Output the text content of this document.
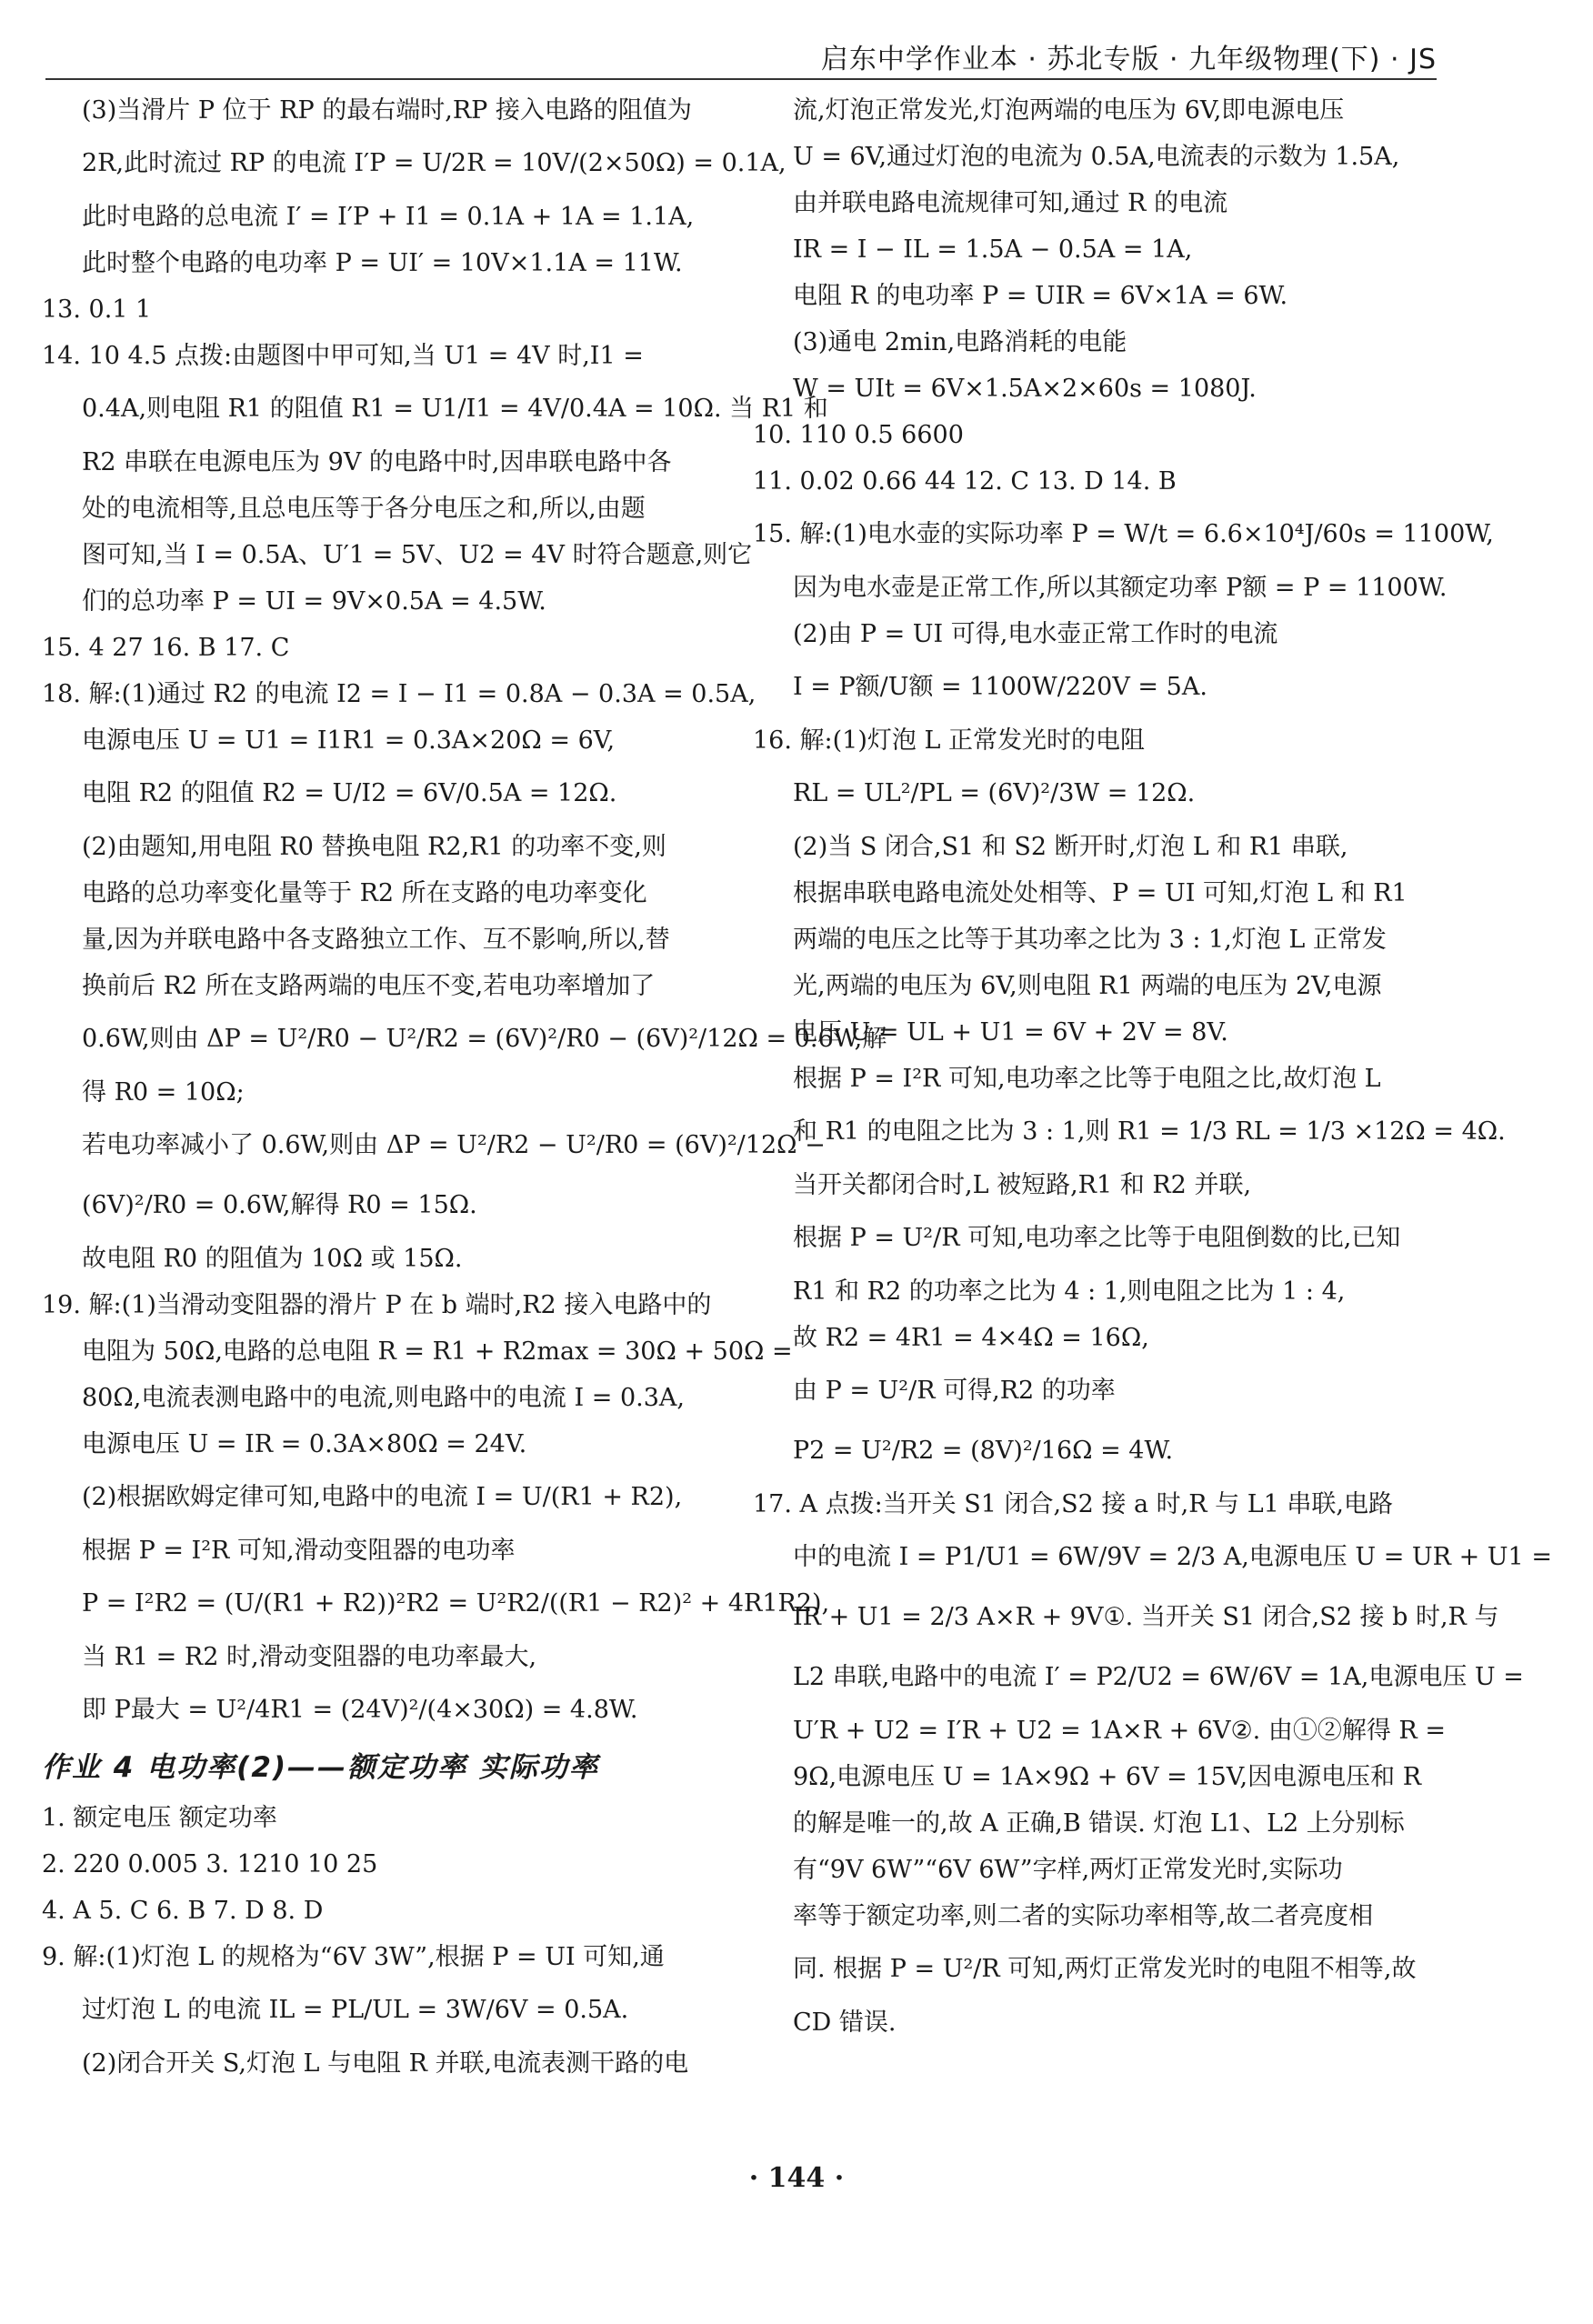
启东中学作业本 · 苏北专版 · 九年级物理(下) · JS
(3)当滑片 P 位于 RP 的最右端时,RP 接入电路的阻值为
2R,此时流过 RP 的电流 I′P = U/2R = 10V/(2×50Ω) = 0.1A,
此时电路的总电流 I′ = I′P + I1 = 0.1A + 1A = 1.1A,
此时整个电路的电功率 P = UI′ = 10V×1.1A = 11W.
13. 0.1 1
14. 10 4.5 点拨:由题图中甲可知,当 U1 = 4V 时,I1 =
0.4A,则电阻 R1 的阻值 R1 = U1/I1 = 4V/0.4A = 10Ω. 当 R1 和
R2 串联在电源电压为 9V 的电路中时,因串联电路中各
处的电流相等,且总电压等于各分电压之和,所以,由题
图可知,当 I = 0.5A、U′1 = 5V、U2 = 4V 时符合题意,则它
们的总功率 P = UI = 9V×0.5A = 4.5W.
15. 4 27 16. B 17. C
18. 解:(1)通过 R2 的电流 I2 = I − I1 = 0.8A − 0.3A = 0.5A,
电源电压 U = U1 = I1R1 = 0.3A×20Ω = 6V,
电阻 R2 的阻值 R2 = U/I2 = 6V/0.5A = 12Ω.
(2)由题知,用电阻 R0 替换电阻 R2,R1 的功率不变,则
电路的总功率变化量等于 R2 所在支路的电功率变化
量,因为并联电路中各支路独立工作、互不影响,所以,替
换前后 R2 所在支路两端的电压不变,若电功率增加了
0.6W,则由 ΔP = U²/R0 − U²/R2 = (6V)²/R0 − (6V)²/12Ω = 0.6W,解
得 R0 = 10Ω;
若电功率减小了 0.6W,则由 ΔP = U²/R2 − U²/R0 = (6V)²/12Ω −
(6V)²/R0 = 0.6W,解得 R0 = 15Ω.
故电阻 R0 的阻值为 10Ω 或 15Ω.
19. 解:(1)当滑动变阻器的滑片 P 在 b 端时,R2 接入电路中的
电阻为 50Ω,电路的总电阻 R = R1 + R2max = 30Ω + 50Ω =
80Ω,电流表测电路中的电流,则电路中的电流 I = 0.3A,
电源电压 U = IR = 0.3A×80Ω = 24V.
(2)根据欧姆定律可知,电路中的电流 I = U/(R1 + R2),
根据 P = I²R 可知,滑动变阻器的电功率
P = I²R2 = (U/(R1 + R2))²R2 = U²R2/((R1 − R2)² + 4R1R2),
当 R1 = R2 时,滑动变阻器的电功率最大,
即 P最大 = U²/4R1 = (24V)²/(4×30Ω) = 4.8W.
作业 4 电功率(2)——额定功率 实际功率
1. 额定电压 额定功率
2. 220 0.005 3. 1210 10 25
4. A 5. C 6. B 7. D 8. D
9. 解:(1)灯泡 L 的规格为“6V 3W”,根据 P = UI 可知,通
过灯泡 L 的电流 IL = PL/UL = 3W/6V = 0.5A.
(2)闭合开关 S,灯泡 L 与电阻 R 并联,电流表测干路的电
流,灯泡正常发光,灯泡两端的电压为 6V,即电源电压
U = 6V,通过灯泡的电流为 0.5A,电流表的示数为 1.5A,
由并联电路电流规律可知,通过 R 的电流
IR = I − IL = 1.5A − 0.5A = 1A,
电阻 R 的电功率 P = UIR = 6V×1A = 6W.
(3)通电 2min,电路消耗的电能
W = UIt = 6V×1.5A×2×60s = 1080J.
10. 110 0.5 6600
11. 0.02 0.66 44 12. C 13. D 14. B
15. 解:(1)电水壶的实际功率 P = W/t = 6.6×10⁴J/60s = 1100W,
因为电水壶是正常工作,所以其额定功率 P额 = P = 1100W.
(2)由 P = UI 可得,电水壶正常工作时的电流
I = P额/U额 = 1100W/220V = 5A.
16. 解:(1)灯泡 L 正常发光时的电阻
RL = UL²/PL = (6V)²/3W = 12Ω.
(2)当 S 闭合,S1 和 S2 断开时,灯泡 L 和 R1 串联,
根据串联电路电流处处相等、P = UI 可知,灯泡 L 和 R1
两端的电压之比等于其功率之比为 3 : 1,灯泡 L 正常发
光,两端的电压为 6V,则电阻 R1 两端的电压为 2V,电源
电压 U = UL + U1 = 6V + 2V = 8V.
根据 P = I²R 可知,电功率之比等于电阻之比,故灯泡 L
和 R1 的电阻之比为 3 : 1,则 R1 = 1/3 RL = 1/3 ×12Ω = 4Ω.
当开关都闭合时,L 被短路,R1 和 R2 并联,
根据 P = U²/R 可知,电功率之比等于电阻倒数的比,已知
R1 和 R2 的功率之比为 4 : 1,则电阻之比为 1 : 4,
故 R2 = 4R1 = 4×4Ω = 16Ω,
由 P = U²/R 可得,R2 的功率
P2 = U²/R2 = (8V)²/16Ω = 4W.
17. A 点拨:当开关 S1 闭合,S2 接 a 时,R 与 L1 串联,电路
中的电流 I = P1/U1 = 6W/9V = 2/3 A,电源电压 U = UR + U1 =
IR + U1 = 2/3 A×R + 9V①. 当开关 S1 闭合,S2 接 b 时,R 与
L2 串联,电路中的电流 I′ = P2/U2 = 6W/6V = 1A,电源电压 U =
U′R + U2 = I′R + U2 = 1A×R + 6V②. 由①②解得 R =
9Ω,电源电压 U = 1A×9Ω + 6V = 15V,因电源电压和 R
的解是唯一的,故 A 正确,B 错误. 灯泡 L1、L2 上分别标
有“9V 6W”“6V 6W”字样,两灯正常发光时,实际功
率等于额定功率,则二者的实际功率相等,故二者亮度相
同. 根据 P = U²/R 可知,两灯正常发光时的电阻不相等,故
CD 错误.
· 144 ·
